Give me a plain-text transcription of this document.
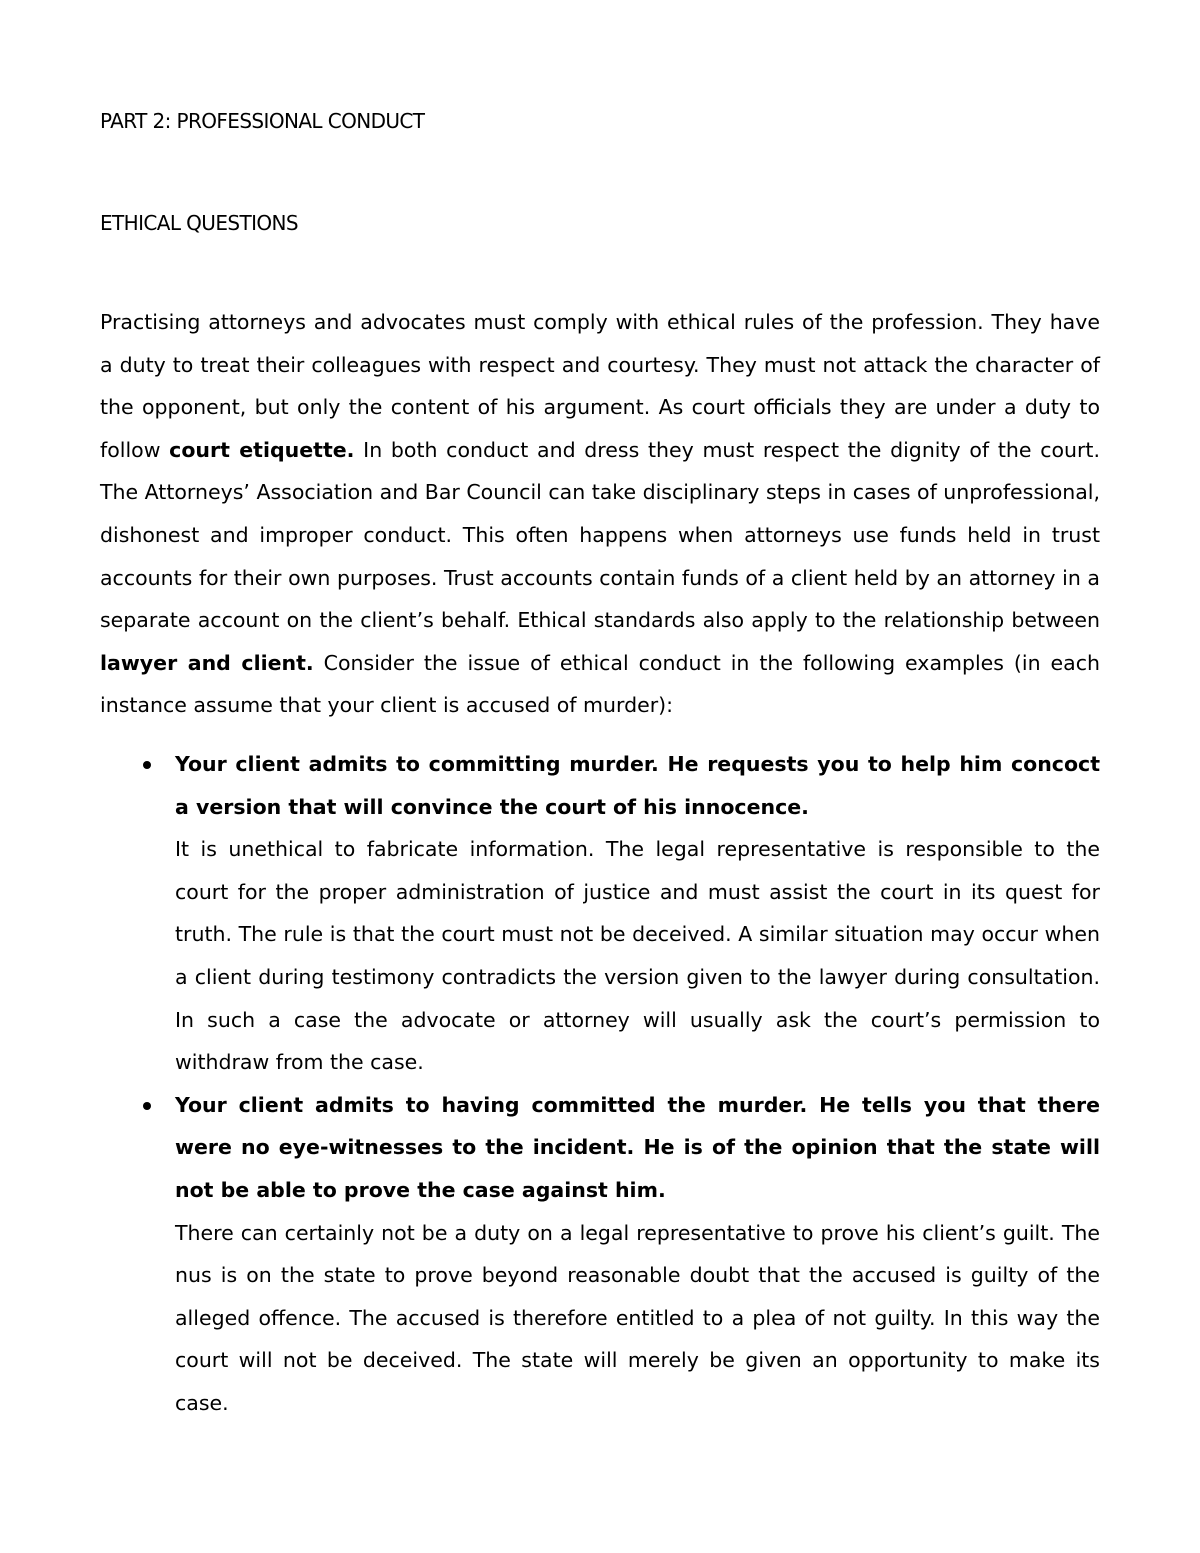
PART 2: PROFESSIONAL CONDUCT
ETHICAL QUESTIONS

Practising attorneys and advocates must comply with ethical rules of the profession. They have a duty to treat their colleagues with respect and courtesy. They must not attack the character of the opponent, but only the content of his argument. As court officials they are under a duty to follow court etiquette. In both conduct and dress they must respect the dignity of the court. The Attorneys’ Association and Bar Council can take disciplinary steps in cases of unprofessional, dishonest and improper conduct. This often happens when attorneys use funds held in trust accounts for their own purposes. Trust accounts contain funds of a client held by an attorney in a separate account on the client’s behalf. Ethical standards also apply to the relationship between lawyer and client. Consider the issue of ethical conduct in the following examples (in each instance assume that your client is accused of murder):

Your client admits to committing murder. He requests you to help him concoct a version that will convince the court of his innocence.

It is unethical to fabricate information. The legal representative is responsible to the court for the proper administration of justice and must assist the court in its quest for truth. The rule is that the court must not be deceived. A similar situation may occur when a client during testimony contradicts the version given to the lawyer during consultation. In such a case the advocate or attorney will usually ask the court’s permission to withdraw from the case.

Your client admits to having committed the murder. He tells you that there were no eye-witnesses to the incident. He is of the opinion that the state will not be able to prove the case against him.

There can certainly not be a duty on a legal representative to prove his client’s guilt. The nus is on the state to prove beyond reasonable doubt that the accused is guilty of the alleged offence. The accused is therefore entitled to a plea of not guilty. In this way the court will not be deceived. The state will merely be given an opportunity to make its case.
